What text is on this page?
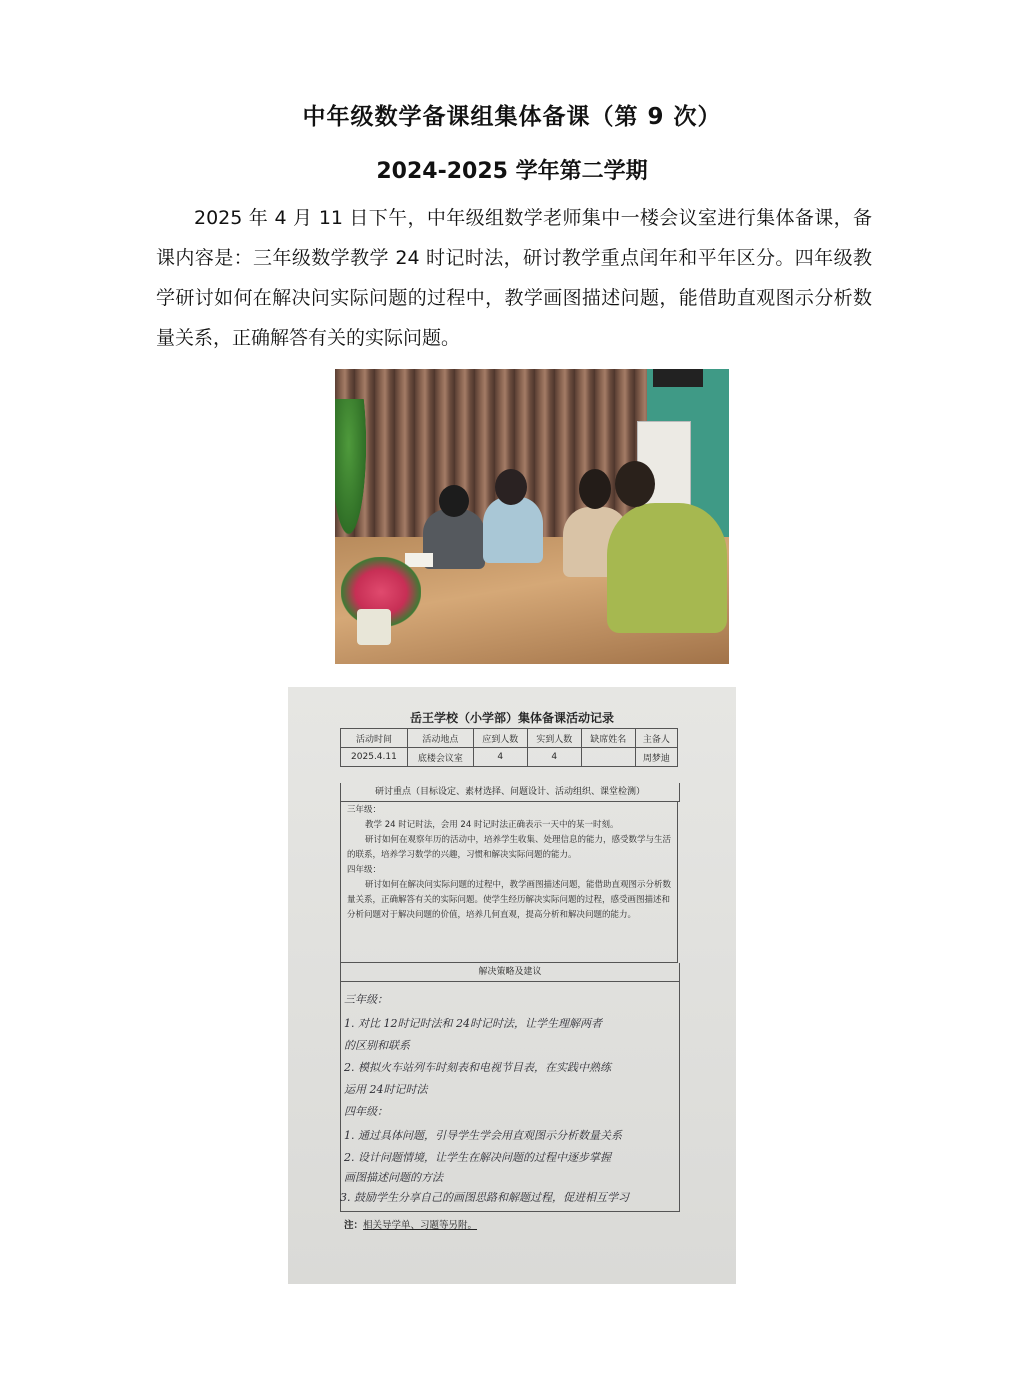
中年级数学备课组集体备课（第 9 次）
2024-2025 学年第二学期

2025 年 4 月 11 日下午，中年级组数学老师集中一楼会议室进行集体备课，备课内容是：三年级数学教学 24 时记时法，研讨教学重点闰年和平年区分。四年级教学研讨如何在解决问实际问题的过程中，教学画图描述问题，能借助直观图示分析数量关系，正确解答有关的实际问题。

岳王学校（小学部）集体备课活动记录
活动时间	活动地点	应到人数	实到人数	缺席姓名	主备人
2025.4.11	底楼会议室	4	4		周梦迪
研讨重点（目标设定、素材选择、问题设计、活动组织、课堂检测）

三年级：

教学 24 时记时法，会用 24 时记时法正确表示一天中的某一时刻。

研讨如何在观察年历的活动中，培养学生收集、处理信息的能力，感受数学与生活的联系，培养学习数学的兴趣，习惯和解决实际问题的能力。

四年级：

研讨如何在解决问实际问题的过程中，教学画图描述问题，能借助直观图示分析数量关系，正确解答有关的实际问题。使学生经历解决实际问题的过程，感受画图描述和分析问题对于解决问题的价值，培养几何直观，提高分析和解决问题的能力。

解决策略及建议
三年级：
1. 对比 12时记时法和 24时记时法，让学生理解两者
的区别和联系
2. 模拟火车站列车时刻表和电视节目表，在实践中熟练
运用 24时记时法
四年级：
1. 通过具体问题，引导学生学会用直观图示分析数量关系
2. 设计问题情境，让学生在解决问题的过程中逐步掌握
画图描述问题的方法
3. 鼓励学生分享自己的画图思路和解题过程，促进相互学习
注：相关导学单、习题等另附。
